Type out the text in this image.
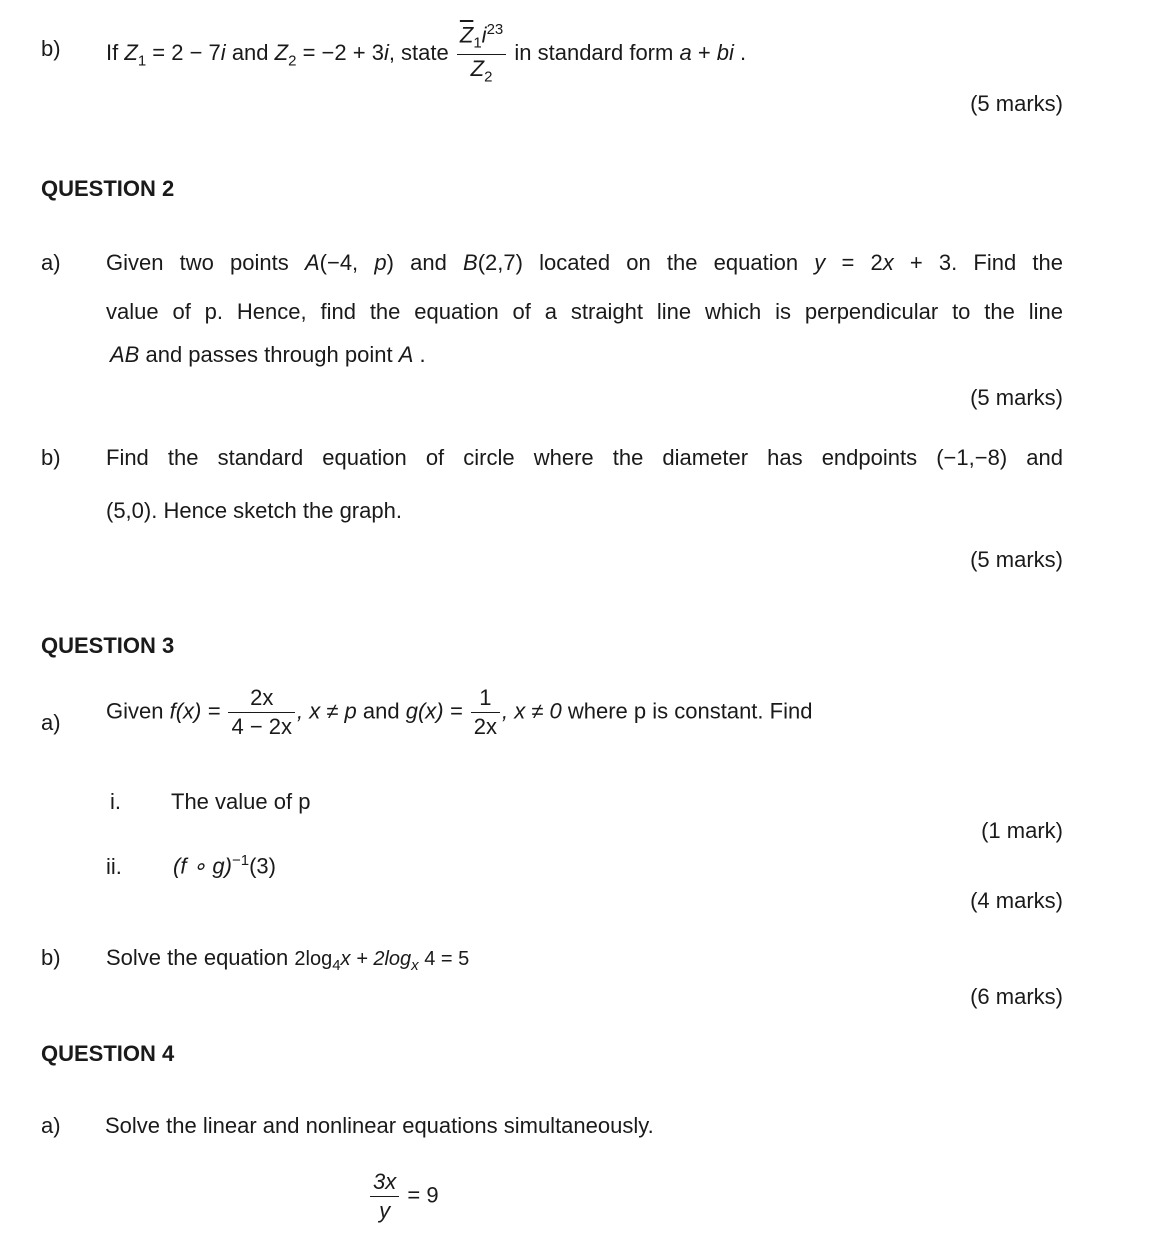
b) If $Z_1 = 2 - 7i$ and $Z_2 = -2 + 3i$, state $\frac{\overline{Z}_1i^{23}}{Z_2}$ in standard form a + bi .
(5 marks)
QUESTION 2
a) Given two points A(−4, p) and B(2,7) located on the equation y = 2x + 3. Find the
value of p. Hence, find the equation of a straight line which is perpendicular to the line
AB and passes through point A .
(5 marks)
b) Find the standard equation of circle where the diameter has endpoints (−1,−8) and
(5,0). Hence sketch the graph.
(5 marks)
QUESTION 3
a) Given $f(x) = \frac{2x}{4 - 2x}$ , x ≠ p and $g(x) = \frac{1}{2x}$ , x ≠ 0 where p is constant. Find
i. The value of p
(1 mark)
ii. (f ∘ g)$^{-1}$(3)
(4 marks)
b) Solve the equation $2\log_4x + 2\log_x$ 4 = 5
(6 marks)
QUESTION 4
a) Solve the linear and nonlinear equations simultaneously.
$\frac{3x}{y} = 9$
